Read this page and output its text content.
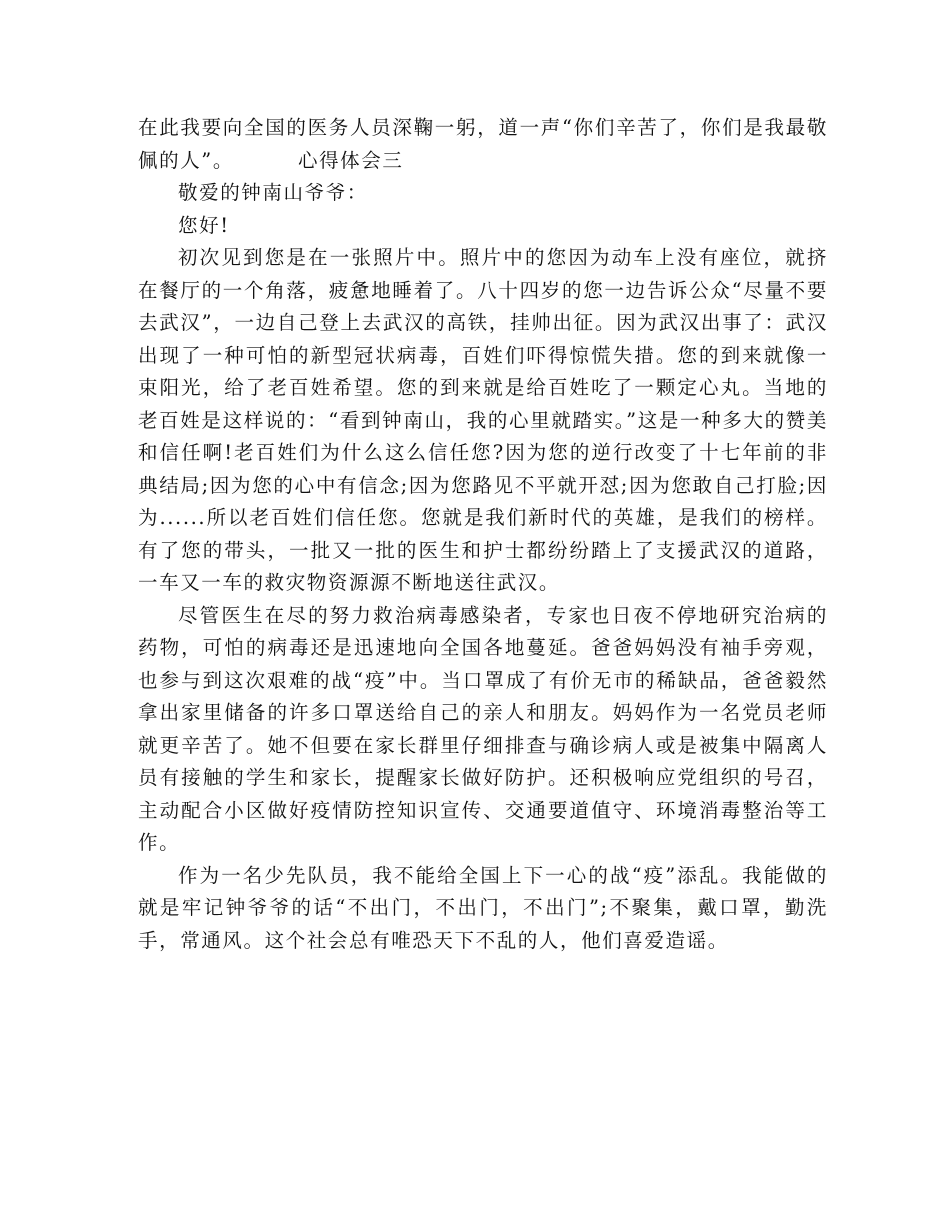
在此我要向全国的医务人员深鞠一躬，道一声“你们辛苦了，你们是我最敬佩的人”。	心得体会三

敬爱的钟南山爷爷：

您好!

初次见到您是在一张照片中。照片中的您因为动车上没有座位，就挤在餐厅的一个角落，疲惫地睡着了。八十四岁的您一边告诉公众“尽量不要去武汉”，一边自己登上去武汉的高铁，挂帅出征。因为武汉出事了：武汉出现了一种可怕的新型冠状病毒，百姓们吓得惊慌失措。您的到来就像一束阳光，给了老百姓希望。您的到来就是给百姓吃了一颗定心丸。当地的老百姓是这样说的：“看到钟南山，我的心里就踏实。”这是一种多大的赞美和信任啊!老百姓们为什么这么信任您?因为您的逆行改变了十七年前的非典结局;因为您的心中有信念;因为您路见不平就开怼;因为您敢自己打脸;因为......所以老百姓们信任您。您就是我们新时代的英雄，是我们的榜样。有了您的带头，一批又一批的医生和护士都纷纷踏上了支援武汉的道路，一车又一车的救灾物资源源不断地送往武汉。

尽管医生在尽的努力救治病毒感染者，专家也日夜不停地研究治病的药物，可怕的病毒还是迅速地向全国各地蔓延。爸爸妈妈没有袖手旁观，也参与到这次艰难的战“疫”中。当口罩成了有价无市的稀缺品，爸爸毅然拿出家里储备的许多口罩送给自己的亲人和朋友。妈妈作为一名党员老师就更辛苦了。她不但要在家长群里仔细排查与确诊病人或是被集中隔离人员有接触的学生和家长，提醒家长做好防护。还积极响应党组织的号召，主动配合小区做好疫情防控知识宣传、交通要道值守、环境消毒整治等工作。

作为一名少先队员，我不能给全国上下一心的战“疫”添乱。我能做的就是牢记钟爷爷的话“不出门，不出门，不出门”;不聚集，戴口罩，勤洗手，常通风。这个社会总有唯恐天下不乱的人，他们喜爱造谣。
